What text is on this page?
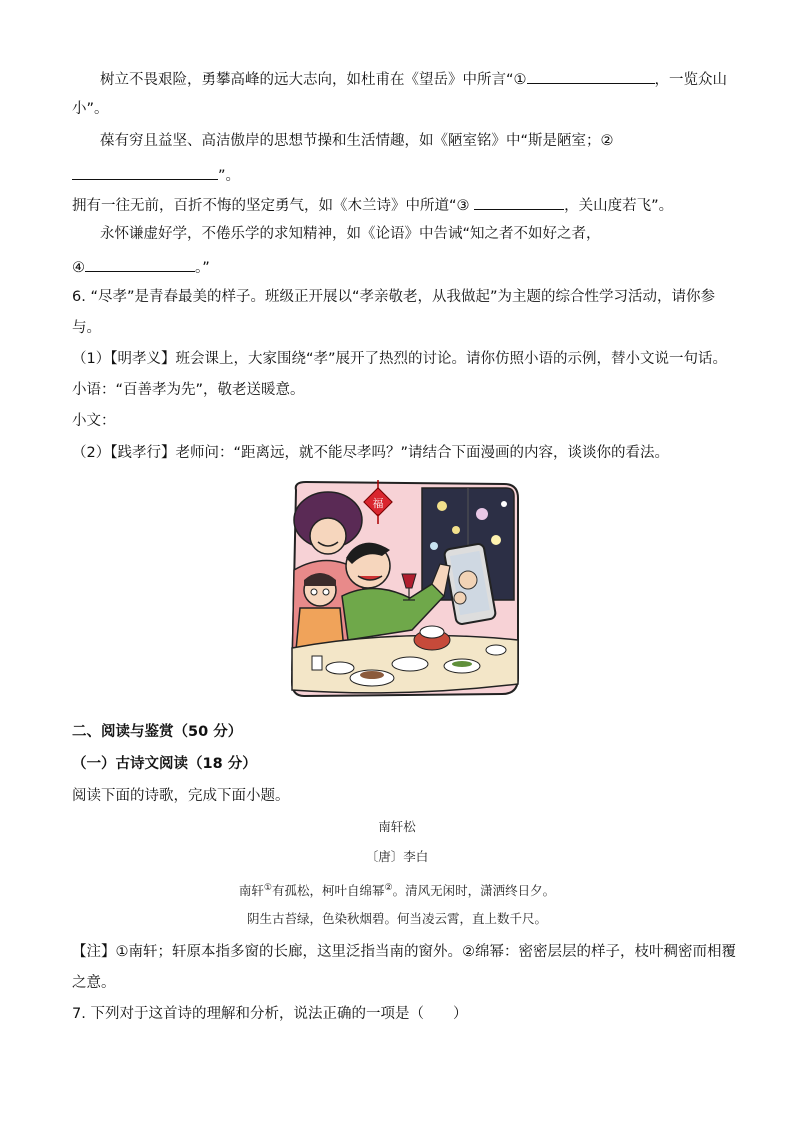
树立不畏艰险，勇攀高峰的远大志向，如杜甫在《望岳》中所言“①	，一览众山
小”。
葆有穷且益坚、高洁傲岸的思想节操和生活情趣，如《陋室铭》中“斯是陋室；②
”。
拥有一往无前，百折不悔的坚定勇气，如《木兰诗》中所道“③	，关山度若飞”。
永怀谦虚好学，不倦乐学的求知精神，如《论语》中告诫“知之者不如好之者，
④	。”
6. “尽孝”是青春最美的样子。班级正开展以“孝亲敬老，从我做起”为主题的综合性学习活动，请你参
与。
（1）【明孝义】班会课上，大家围绕“孝”展开了热烈的讨论。请你仿照小语的示例，替小文说一句话。
小语：“百善孝为先”，敬老送暖意。
小文：
（2）【践孝行】老师问：“距离远，就不能尽孝吗？”请结合下面漫画的内容，谈谈你的看法。
福
二、阅读与鉴赏（50 分）
（一）古诗文阅读（18 分）
阅读下面的诗歌，完成下面小题。
南轩松
〔唐〕李白
南轩①有孤松，柯叶自绵幂②。清风无闲时，潇洒终日夕。
阴生古苔绿，色染秋烟碧。何当凌云霄，直上数千尺。
【注】①南轩；轩原本指多窗的长廊，这里泛指当南的窗外。②绵幂：密密层层的样子，枝叶稠密而相覆
之意。
7. 下列对于这首诗的理解和分析，说法正确的一项是（　　）
